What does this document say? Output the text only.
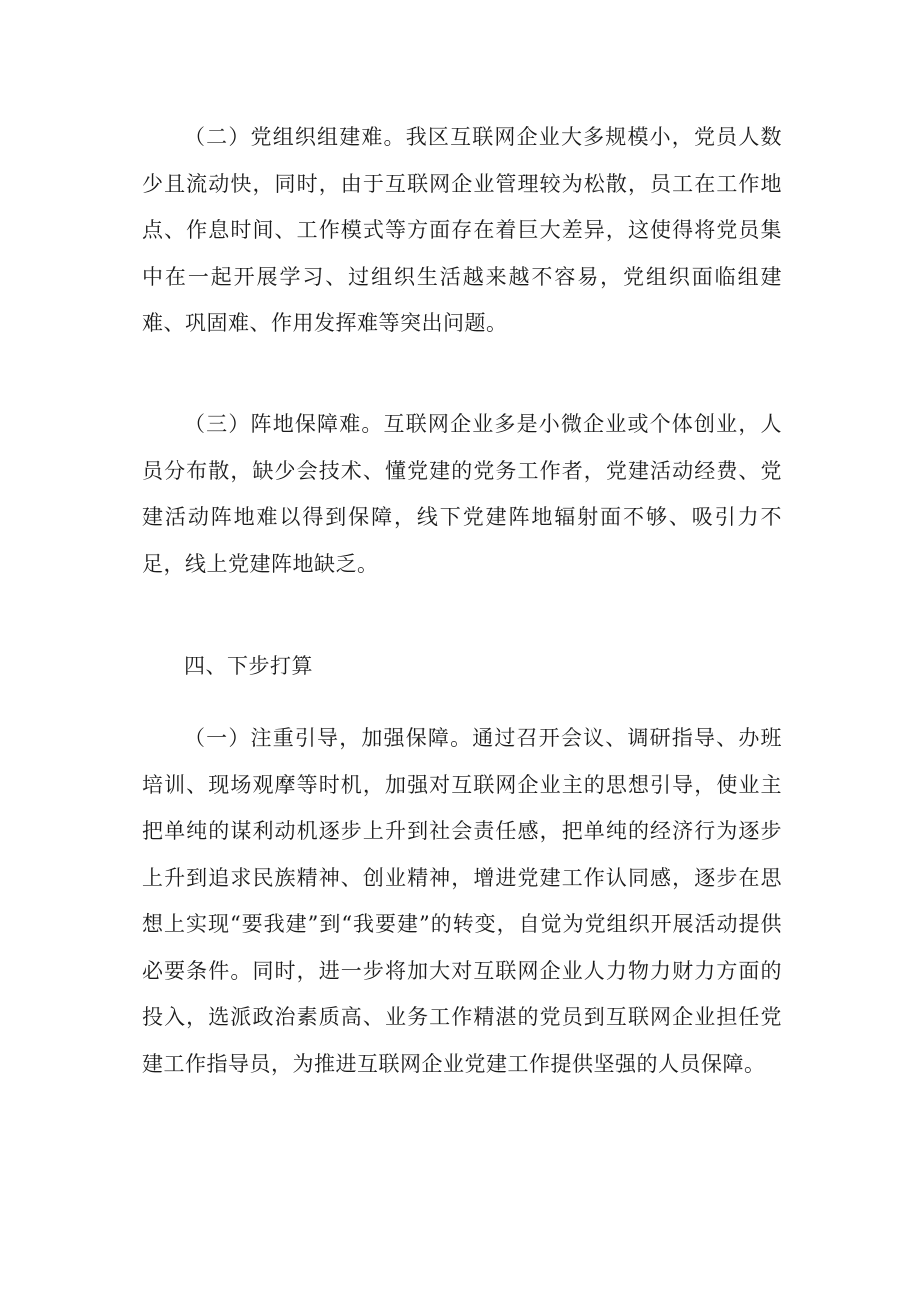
（二）党组织组建难。我区互联网企业大多规模小，党员人数少且流动快，同时，由于互联网企业管理较为松散，员工在工作地点、作息时间、工作模式等方面存在着巨大差异，这使得将党员集中在一起开展学习、过组织生活越来越不容易，党组织面临组建难、巩固难、作用发挥难等突出问题。

（三）阵地保障难。互联网企业多是小微企业或个体创业，人员分布散，缺少会技术、懂党建的党务工作者，党建活动经费、党建活动阵地难以得到保障，线下党建阵地辐射面不够、吸引力不足，线上党建阵地缺乏。

四、下步打算

（一）注重引导，加强保障。通过召开会议、调研指导、办班培训、现场观摩等时机，加强对互联网企业主的思想引导，使业主把单纯的谋利动机逐步上升到社会责任感，把单纯的经济行为逐步上升到追求民族精神、创业精神，增进党建工作认同感，逐步在思想上实现“要我建”到“我要建”的转变，自觉为党组织开展活动提供必要条件。同时，进一步将加大对互联网企业人力物力财力方面的投入，选派政治素质高、业务工作精湛的党员到互联网企业担任党建工作指导员，为推进互联网企业党建工作提供坚强的人员保障。
